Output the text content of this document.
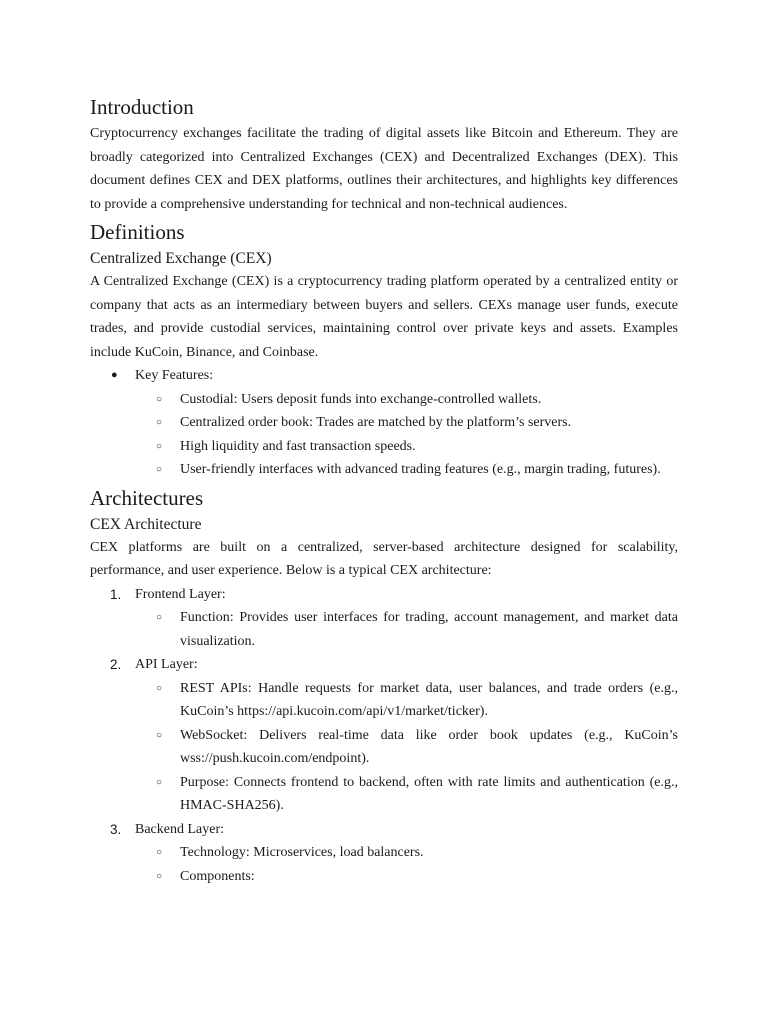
Introduction

Cryptocurrency exchanges facilitate the trading of digital assets like Bitcoin and Ethereum. They are broadly categorized into Centralized Exchanges (CEX) and Decentralized Exchanges (DEX). This document defines CEX and DEX platforms, outlines their architectures, and highlights key differences to provide a comprehensive understanding for technical and non-technical audiences.

Definitions
Centralized Exchange (CEX)

A Centralized Exchange (CEX) is a cryptocurrency trading platform operated by a centralized entity or company that acts as an intermediary between buyers and sellers. CEXs manage user funds, execute trades, and provide custodial services, maintaining control over private keys and assets. Examples include KuCoin, Binance, and Coinbase.

● Key Features:
○ Custodial: Users deposit funds into exchange-controlled wallets.
○ Centralized order book: Trades are matched by the platform’s servers.
○ High liquidity and fast transaction speeds.
○ User-friendly interfaces with advanced trading features (e.g., margin trading, futures).
Architectures
CEX Architecture

CEX platforms are built on a centralized, server-based architecture designed for scalability, performance, and user experience. Below is a typical CEX architecture:

1. Frontend Layer:
○ Function: Provides user interfaces for trading, account management, and market data visualization.
2. API Layer:
○ REST APIs: Handle requests for market data, user balances, and trade orders (e.g., KuCoin’s https://api.kucoin.com/api/v1/market/ticker).
○ WebSocket: Delivers real-time data like order book updates (e.g., KuCoin’s wss://push.kucoin.com/endpoint).
○ Purpose: Connects frontend to backend, often with rate limits and authentication (e.g., HMAC-SHA256).
3. Backend Layer:
○ Technology: Microservices, load balancers.
○ Components:
